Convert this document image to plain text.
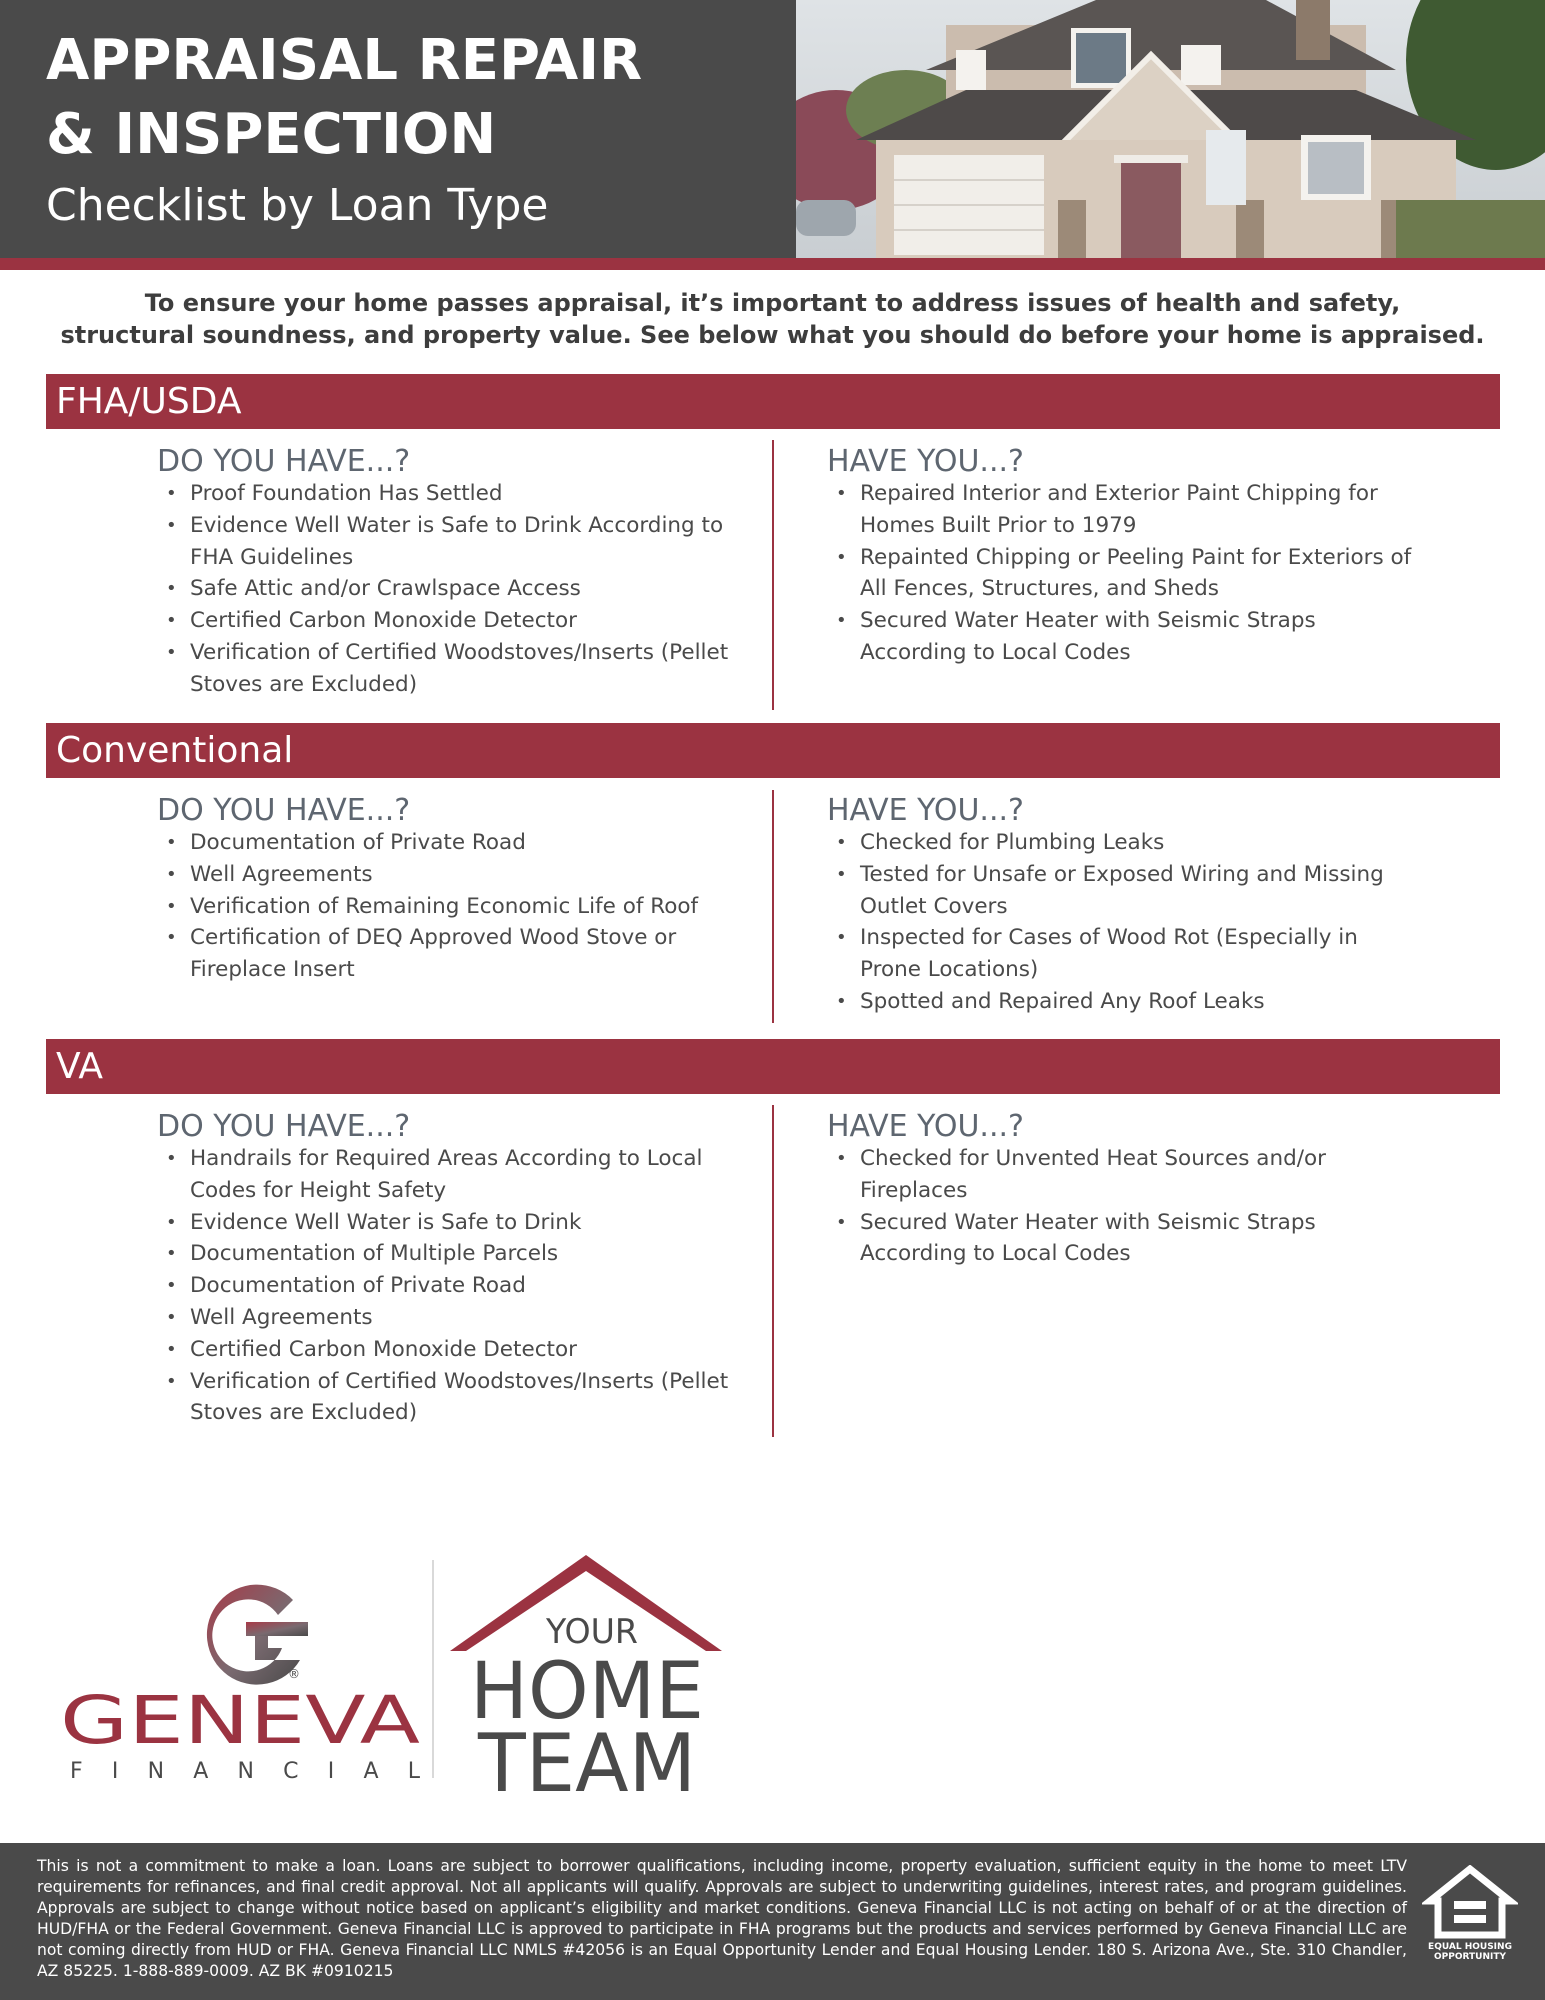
APPRAISAL REPAIR
& INSPECTION

Checklist by Loan Type

To ensure your home passes appraisal, it’s important to address issues of health and safety,
structural soundness, and property value. See below what you should do before your home is appraised.
FHA/USDA
DO YOU HAVE...?
• Proof Foundation Has Settled
• Evidence Well Water is Safe to Drink According to FHA Guidelines
• Safe Attic and/or Crawlspace Access
• Certified Carbon Monoxide Detector
• Verification of Certified Woodstoves/Inserts (Pellet Stoves are Excluded)
HAVE YOU...?
• Repaired Interior and Exterior Paint Chipping for Homes Built Prior to 1979
• Repainted Chipping or Peeling Paint for Exteriors of All Fences, Structures, and Sheds
• Secured Water Heater with Seismic Straps According to Local Codes
Conventional
DO YOU HAVE...?
• Documentation of Private Road
• Well Agreements
• Verification of Remaining Economic Life of Roof
• Certification of DEQ Approved Wood Stove or Fireplace Insert
HAVE YOU...?
• Checked for Plumbing Leaks
• Tested for Unsafe or Exposed Wiring and Missing Outlet Covers
• Inspected for Cases of Wood Rot (Especially in Prone Locations)
• Spotted and Repaired Any Roof Leaks
VA
DO YOU HAVE...?
• Handrails for Required Areas According to Local Codes for Height Safety
• Evidence Well Water is Safe to Drink
• Documentation of Multiple Parcels
• Documentation of Private Road
• Well Agreements
• Certified Carbon Monoxide Detector
• Verification of Certified Woodstoves/Inserts (Pellet Stoves are Excluded)
HAVE YOU...?
• Checked for Unvented Heat Sources and/or Fireplaces
• Secured Water Heater with Seismic Straps According to Local Codes
®
GENEVA
FINANCIAL
YOUR
HOME
TEAM

This is not a commitment to make a loan. Loans are subject to borrower qualifications, including income, property evaluation, sufficient equity in the home to meet LTV requirements for refinances, and final credit approval. Not all applicants will qualify. Approvals are subject to underwriting guidelines, interest rates, and program guidelines. Approvals are subject to change without notice based on applicant’s eligibility and market conditions. Geneva Financial LLC is not acting on behalf of or at the direction of HUD/FHA or the Federal Government. Geneva Financial LLC is approved to participate in FHA programs but the products and services performed by Geneva Financial LLC are not coming directly from HUD or FHA. Geneva Financial LLC NMLS #42056 is an Equal Opportunity Lender and Equal Housing Lender. 180 S. Arizona Ave., Ste. 310 Chandler, AZ 85225. 1-888-889-0009. AZ BK #0910215

EQUAL HOUSING
OPPORTUNITY
